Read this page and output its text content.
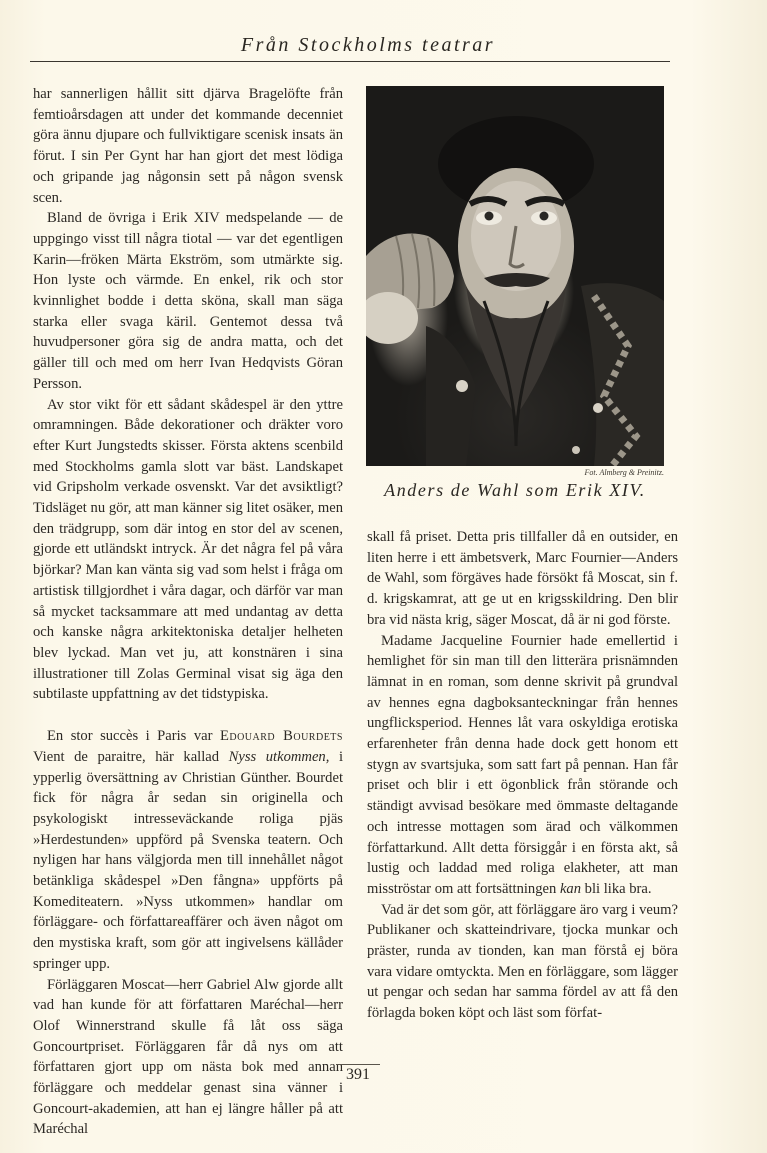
Från Stockholms teatrar

har sannerligen hållit sitt djärva Bragelöfte från femtioårsdagen att under det kommande decenniet göra ännu djupare och fullviktigare scenisk insats än förut. I sin Per Gynt har han gjort det mest lödiga och gripande jag någonsin sett på någon svensk scen.

Bland de övriga i Erik XIV medspelande — de uppgingo visst till några tiotal — var det egentligen Karin—fröken Märta Ekström, som utmärkte sig. Hon lyste och värmde. En enkel, rik och stor kvinnlighet bodde i detta sköna, skall man säga starka eller svaga käril. Gentemot dessa två huvudpersoner göra sig de andra matta, och det gäller till och med om herr Ivan Hedqvists Göran Persson.

Av stor vikt för ett sådant skådespel är den yttre omramningen. Både dekorationer och dräkter voro efter Kurt Jungstedts skisser. Första aktens scenbild med Stockholms gamla slott var bäst. Landskapet vid Gripsholm verkade osvenskt. Var det avsiktligt? Tidsläget nu gör, att man känner sig litet osäker, men den trädgrupp, som där intog en stor del av scenen, gjorde ett utländskt intryck. Är det några fel på våra björkar? Man kan vänta sig vad som helst i fråga om artistisk tillgjordhet i våra dagar, och därför var man så mycket tacksammare att med undantag av detta och kanske några arkitektoniska detaljer helheten blev lyckad. Man vet ju, att konstnären i sina illustrationer till Zolas Germinal visat sig äga den subtilaste uppfattning av det tidstypiska.

En stor succès i Paris var Edouard Bourdets Vient de paraitre, här kallad Nyss utkommen, i ypperlig översättning av Christian Günther. Bourdet fick för några år sedan sin originella och psykologiskt intresseväckande roliga pjäs »Herdestunden» uppförd på Svenska teatern. Och nyligen har hans välgjorda men till innehållet något betänkliga skådespel »Den fångna» uppförts på Komediteatern. »Nyss utkommen» handlar om förläggare- och författareaffärer och även något om den mystiska kraft, som gör att ingivelsens källåder springer upp.

Förläggaren Moscat—herr Gabriel Alw gjorde allt vad han kunde för att författaren Maréchal—herr Olof Winnerstrand skulle få låt oss säga Goncourtpriset. Förläggaren får då nys om att författaren gjort upp om nästa bok med annan förläggare och meddelar genast sina vänner i Goncourt-akademien, att han ej längre håller på att Maréchal

Fot. Almberg & Preinitz.
Anders de Wahl som Erik XIV.

skall få priset. Detta pris tillfaller då en outsider, en liten herre i ett ämbetsverk, Marc Fournier—Anders de Wahl, som förgäves hade försökt få Moscat, sin f. d. krigskamrat, att ge ut en krigsskildring. Den blir bra vid nästa krig, säger Moscat, då är ni god förste.

Madame Jacqueline Fournier hade emellertid i hemlighet för sin man till den litterära prisnämnden lämnat in en roman, som denne skrivit på grundval av hennes egna dagboksanteckningar från hennes ungflicksperiod. Hennes låt vara oskyldiga erotiska erfarenheter från denna hade dock gett honom ett stygn av svartsjuka, som satt fart på pennan. Han får priset och blir i ett ögonblick från störande och ständigt avvisad besökare med ömmaste deltagande och intresse mottagen som ärad och välkommen författarkund. Allt detta försiggår i en första akt, så lustig och laddad med roliga elakheter, att man misströstar om att fortsättningen kan bli lika bra.

Vad är det som gör, att förläggare äro varg i veum? Publikaner och skatteindrivare, tjocka munkar och präster, runda av tionden, kan man förstå ej böra vara vidare omtyckta. Men en förläggare, som lägger ut pengar och sedan har samma fördel av att få den förlagda boken köpt och läst som förfat-

391
